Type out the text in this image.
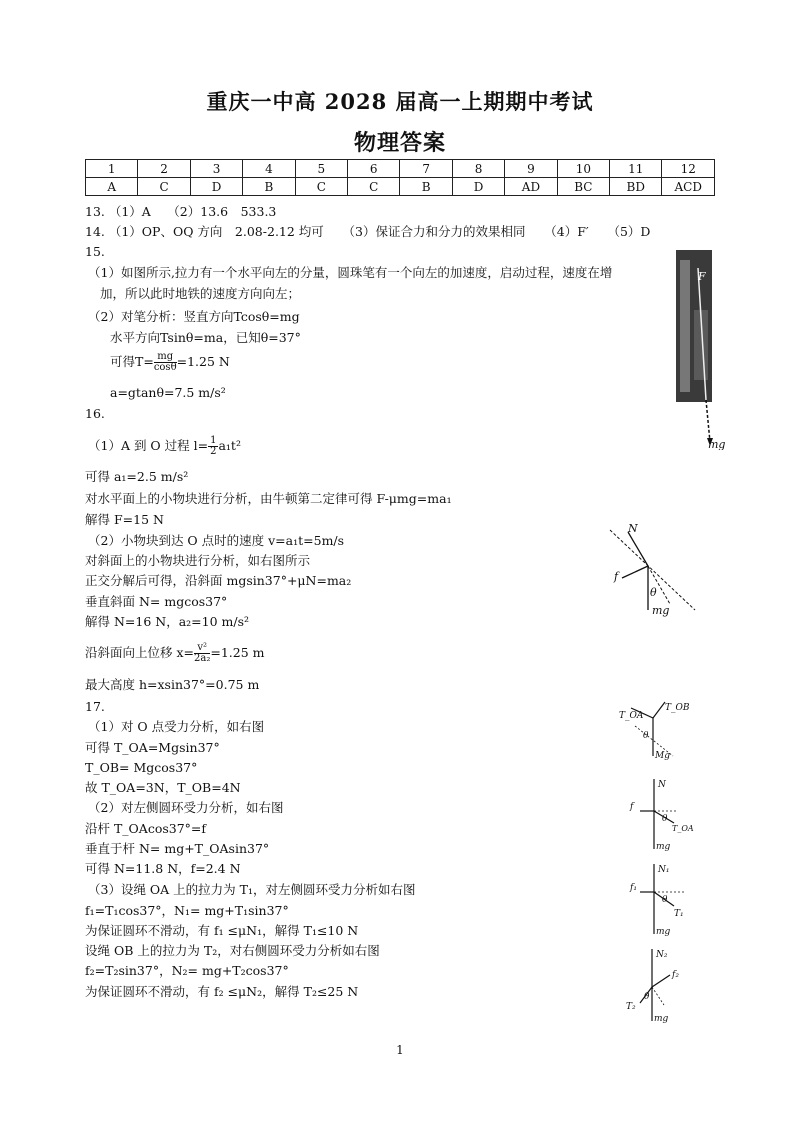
重庆一中高 2028 届高一上期期中考试
物理答案
1	2	3	4	5	6	7	8	9	10	11	12
A	C	D	B	C	C	B	D	AD	BC	BD	ACD
13. （1）A　 （2）13.6　533.3
14. （1）OP、OQ 方向　2.08-2.12 均可　　（3）保证合力和分力的效果相同　　（4）F′　　（5）D
15.
（1）如图所示,拉力有一个水平向左的分量，圆珠笔有一个向左的加速度，启动过程，速度在增
加，所以此时地铁的速度方向向左；
（2）对笔分析：竖直方向Tcosθ=mg
水平方向Tsinθ=ma，已知θ=37°
可得$T= \frac{mg}{\cos\theta} =1.25$ N
a=gtanθ=7.5 m/s²
16.
（1）A 到 O 过程 $l= \frac{1}{2} a_1t^2$
可得 a₁=2.5 m/s²
对水平面上的小物块进行分析，由牛顿第二定律可得 F-μmg=ma₁
解得 F=15 N
（2）小物块到达 O 点时的速度 v=a₁t=5m/s
对斜面上的小物块进行分析，如右图所示
正交分解后可得，沿斜面 mgsin37°+μN=ma₂
垂直斜面 N= mgcos37°
解得 N=16 N，a₂=10 m/s²
沿斜面向上位移 $x= \frac{\text{v²}}{\text{2a₂}} =1.25$ m
最大高度 h=xsin37°=0.75 m
17.
（1）对 O 点受力分析，如右图
可得 T_OA=Mgsin37°
T_OB= Mgcos37°
故 T_OA=3N，T_OB=4N
（2）对左侧圆环受力分析，如右图
沿杆 T_OAcos37°=f
垂直于杆 N= mg+T_OAsin37°
可得 N=11.8 N，f=2.4 N
（3）设绳 OA 上的拉力为 T₁，对左侧圆环受力分析如右图
f₁=T₁cos37°，N₁= mg+T₁sin37°
为保证圆环不滑动，有 f₁ ≤μN₁，解得 T₁≤10 N
设绳 OB 上的拉力为 T₂，对右侧圆环受力分析如右图
f₂=T₂sin37°，N₂= mg+T₂cos37°
为保证圆环不滑动，有 f₂ ≤μN₂，解得 T₂≤25 N
F
mg
N
f
θ
mg
T_OA
T_OB
θ
Mg
N
f
θ
T_OA
mg
N₁
f₁
θ
T₁
mg
N₂
f₂
θ
T₂
mg
1
